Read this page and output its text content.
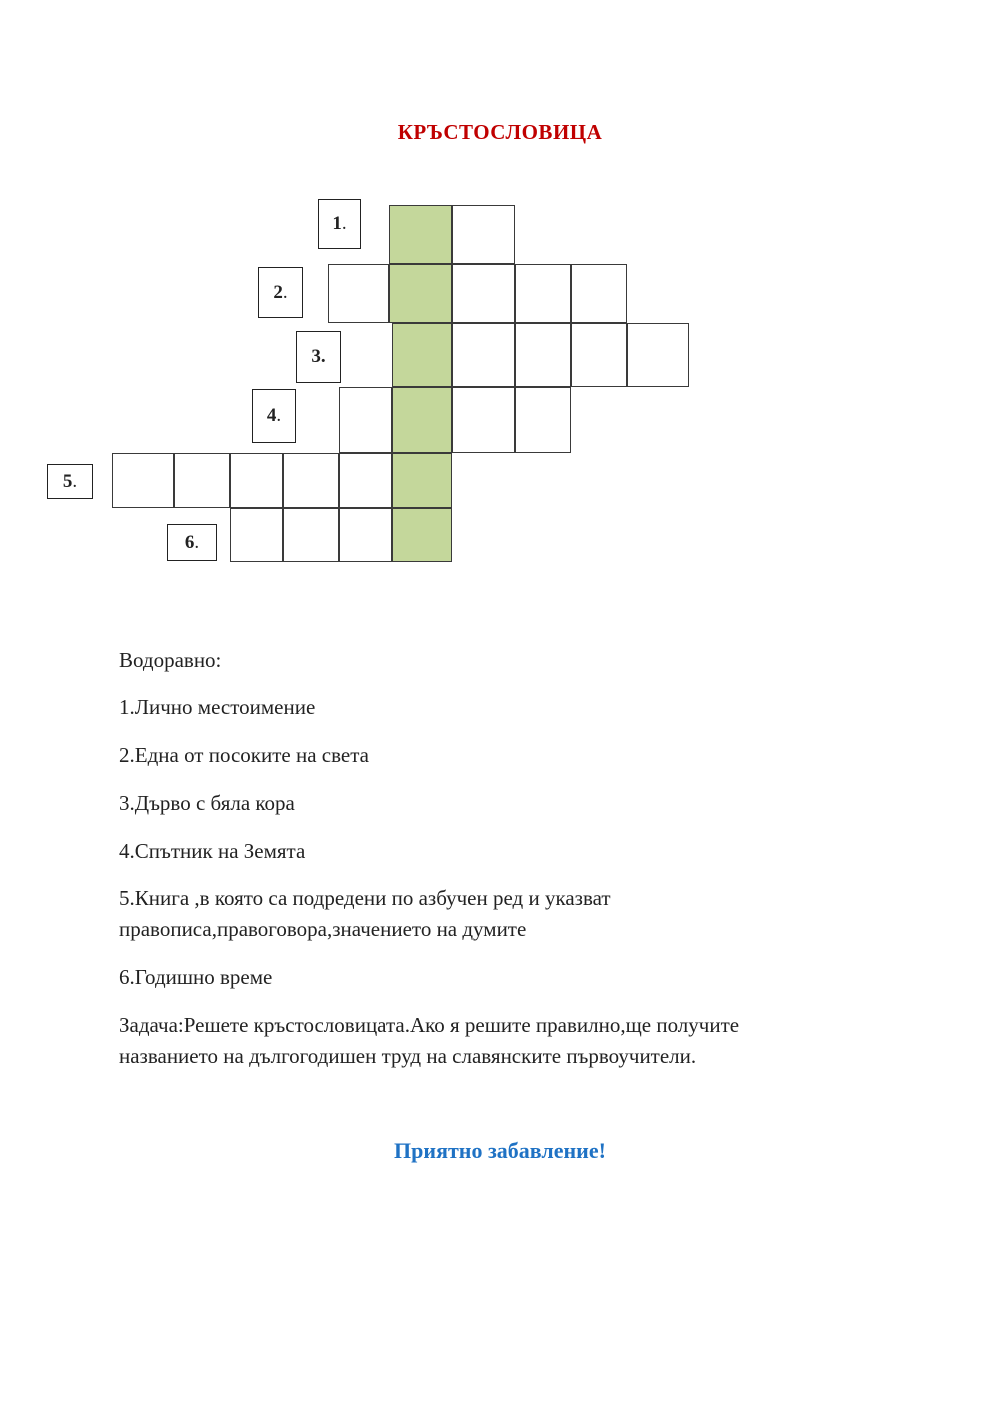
КРЪСТОСЛОВИЦА
1 .
2 .
3.
4 .
5 .
6 .
Водоравно:
1.Лично местоимение
2.Една от посоките на света
3.Дърво с бяла кора
4.Спътник на Земята
5.Книга ,в която са подредени по азбучен ред и указват
правописа,правоговора,значението на думите
6.Годишно време
Задача:Решете кръстословицата.Ако я решите правилно,ще получите
названието на дългогодишен труд на славянските първоучители.
Приятно забавление!
